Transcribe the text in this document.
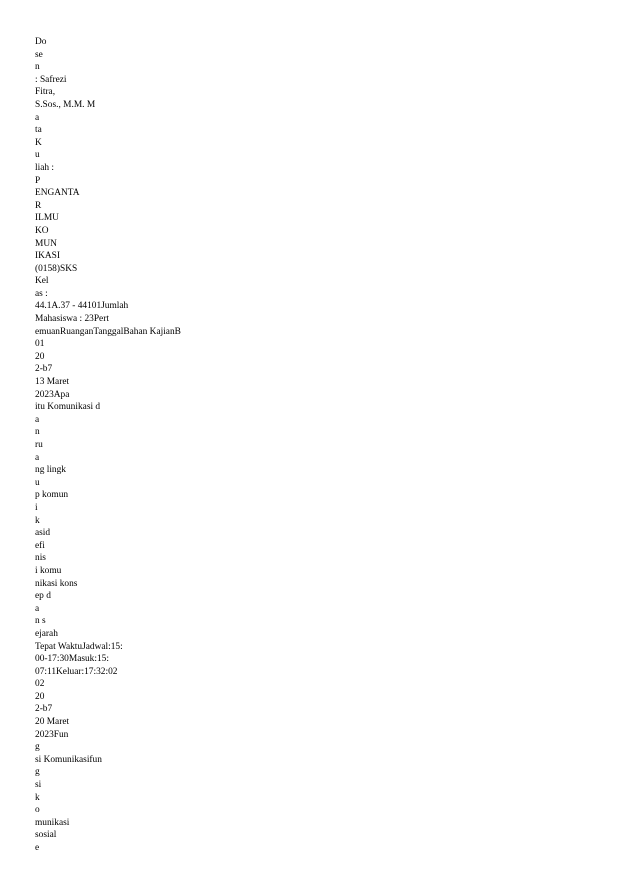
Do
se
n
: Safrezi
Fitra,
S.Sos., M.M. M
a
ta
K
u
liah :
P
ENGANTA
R
ILMU
KO
MUN
IKASI
(0158)SKS
Kel
as :
44.1A.37 - 44101Jumlah
Mahasiswa : 23Pert
emuanRuanganTanggalBahan KajianB
01
20
2-b7
13 Maret
2023Apa
itu Komunikasi d
a
n
ru
a
ng lingk
u
p komun
i
k
asid
efi
nis
i komu
nikasi kons
ep d
a
n s
ejarah
Tepat WaktuJadwal:15:
00-17:30Masuk:15:
07:11Keluar:17:32:02
02
20
2-b7
20 Maret
2023Fun
g
si Komunikasifun
g
si
k
o
munikasi
sosial
e
